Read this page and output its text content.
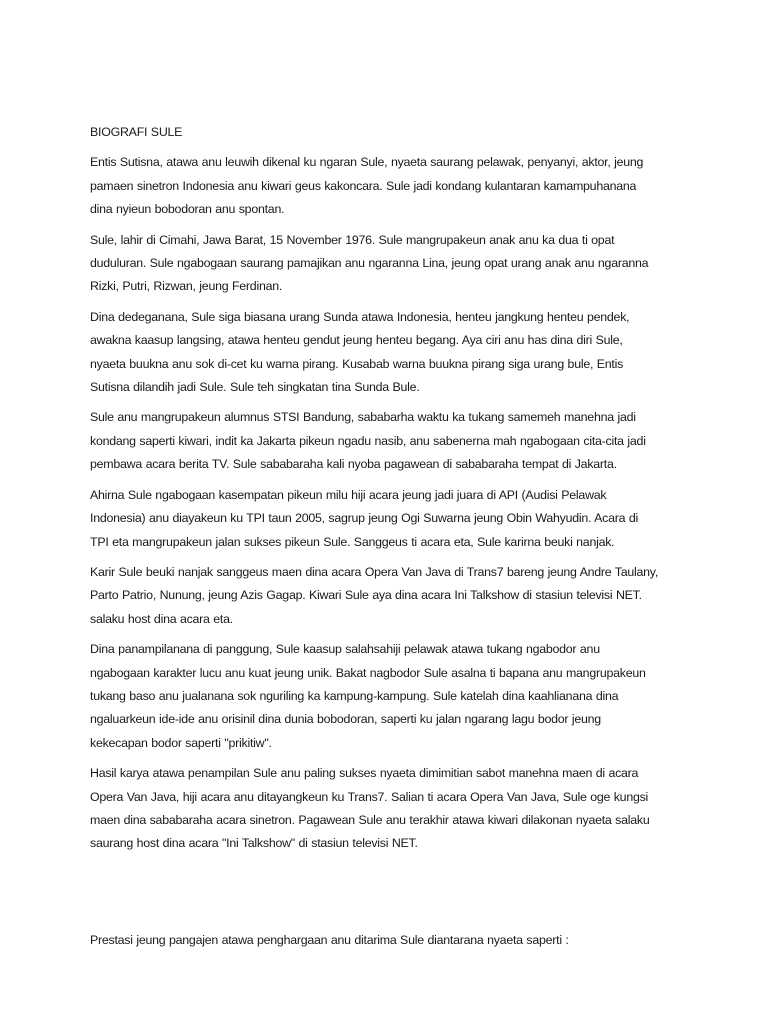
BIOGRAFI SULE
Entis Sutisna, atawa anu leuwih dikenal ku ngaran Sule, nyaeta saurang pelawak, penyanyi, aktor, jeung
pamaen sinetron Indonesia anu kiwari geus kakoncara. Sule jadi kondang kulantaran kamampuhanana
dina nyieun bobodoran anu spontan.
Sule, lahir di Cimahi, Jawa Barat, 15 November 1976. Sule mangrupakeun anak anu ka dua ti opat
duduluran. Sule ngabogaan saurang pamajikan anu ngaranna Lina, jeung opat urang anak anu ngaranna
Rizki, Putri, Rizwan, jeung Ferdinan.
Dina dedeganana, Sule siga biasana urang Sunda atawa Indonesia, henteu jangkung henteu pendek,
awakna kaasup langsing, atawa henteu gendut jeung henteu begang. Aya ciri anu has dina diri Sule,
nyaeta buukna anu sok di-cet ku warna pirang. Kusabab warna buukna pirang siga urang bule, Entis
Sutisna dilandih jadi Sule. Sule teh singkatan tina Sunda Bule.
Sule anu mangrupakeun alumnus STSI Bandung, sababarha waktu ka tukang samemeh manehna jadi
kondang saperti kiwari, indit ka Jakarta pikeun ngadu nasib, anu sabenerna mah ngabogaan cita-cita jadi
pembawa acara berita TV. Sule sababaraha kali nyoba pagawean di sababaraha tempat di Jakarta.
Ahirna Sule ngabogaan kasempatan pikeun milu hiji acara jeung jadi juara di API (Audisi Pelawak
Indonesia) anu diayakeun ku TPI taun 2005, sagrup jeung Ogi Suwarna jeung Obin Wahyudin. Acara di
TPI eta mangrupakeun jalan sukses pikeun Sule. Sanggeus ti acara eta, Sule karirna beuki nanjak.
Karir Sule beuki nanjak sanggeus maen dina acara Opera Van Java di Trans7 bareng jeung Andre Taulany,
Parto Patrio, Nunung, jeung Azis Gagap. Kiwari Sule aya dina acara Ini Talkshow di stasiun televisi NET.
salaku host dina acara eta.
Dina panampilanana di panggung, Sule kaasup salahsahiji pelawak atawa tukang ngabodor anu
ngabogaan karakter lucu anu kuat jeung unik. Bakat nagbodor Sule asalna ti bapana anu mangrupakeun
tukang baso anu jualanana sok nguriling ka kampung-kampung. Sule katelah dina kaahlianana dina
ngaluarkeun ide-ide anu orisinil dina dunia bobodoran, saperti ku jalan ngarang lagu bodor jeung
kekecapan bodor saperti "prikitiw".
Hasil karya atawa penampilan Sule anu paling sukses nyaeta dimimitian sabot manehna maen di acara
Opera Van Java, hiji acara anu ditayangkeun ku Trans7. Salian ti acara Opera Van Java, Sule oge kungsi
maen dina sababaraha acara sinetron. Pagawean Sule anu terakhir atawa kiwari dilakonan nyaeta salaku
saurang host dina acara "Ini Talkshow" di stasiun televisi NET.
Prestasi jeung pangajen atawa penghargaan anu ditarima Sule diantarana nyaeta saperti :
